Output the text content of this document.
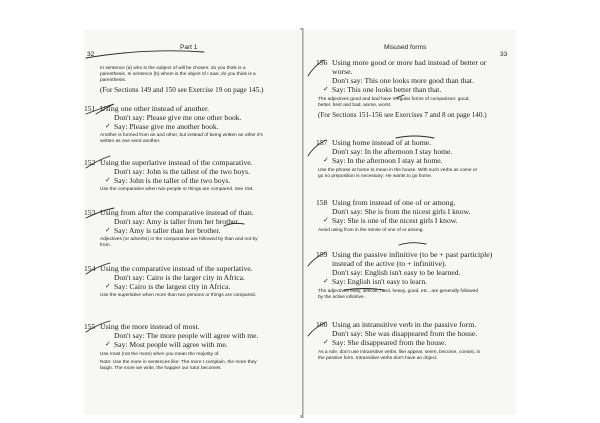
Part 1
32
In sentence (a) who is the subject of will be chosen; do you think is a
parenthesis. In sentence (b) whom is the object of I saw; do you think is a
parenthesis.
(For Sections 149 and 150 see Exercise 19 on page 145.)
151 Using one other instead of another.
Don't say: Please give me one other book.
✓ Say: Please give me another book.
Another is formed from an and other, but instead of being written an other it's
written as one word another.
152 Using the superlative instead of the comparative.
Don't say: John is the tallest of the two boys.
✓ Say: John is the taller of the two boys.
Use the comparative when two people or things are compared. See 154.
153 Using from after the comparative instead of than.
Don't say: Amy is taller from her brother.
✓ Say: Amy is taller than her brother.
Adjectives (or adverbs) in the comparative are followed by than and not by
from.
154 Using the comparative instead of the superlative.
Don't say: Cairo is the larger city in Africa.
✓ Say: Cairo is the largest city in Africa.
Use the superlative when more than two persons or things are compared.
155 Using the more instead of most.
Don't say: The more people will agree with me.
✓ Say: Most people will agree with me.
Use most (not the more) when you mean the majority of.
Note: Use the more in sentences like: The more I complain, the more they
laugh. The more we write, the happier our tutor becomes.
Misused forms
33
156 Using more good or more bad instead of better or
worse.
Don't say: This one looks more good than that.
✓ Say: This one looks better than that.
The adjectives good and bad have irregular forms of comparison: good,
better, best and bad, worse, worst.
(For Sections 151-156 see Exercises 7 and 8 on page 140.)
157 Using home instead of at home.
Don't say: In the afternoon I stay home.
✓ Say: In the afternoon I stay at home.
Use the phrase at home to mean in the house. With such verbs as come or
go no preposition is necessary: He wants to go home.
158 Using from instead of one of or among.
Don't say: She is from the nicest girls I know.
✓ Say: She is one of the nicest girls I know.
Avoid using from in the sense of one of or among.
159 Using the passive infinitive (to be + past participle)
instead of the active (to + infinitive).
Don't say: English isn't easy to be learned.
✓ Say: English isn't easy to learn.
The adjectives easy, difficult, hard, heavy, good, etc., are generally followed
by the active infinitive.
160 Using an intransitive verb in the passive form.
Don't say: She was disappeared from the house.
✓ Say: She disappeared from the house.
As a rule, don't use intransitive verbs, like appear, seem, become, consist, in
the passive form. Intransitive verbs don't have an object.
